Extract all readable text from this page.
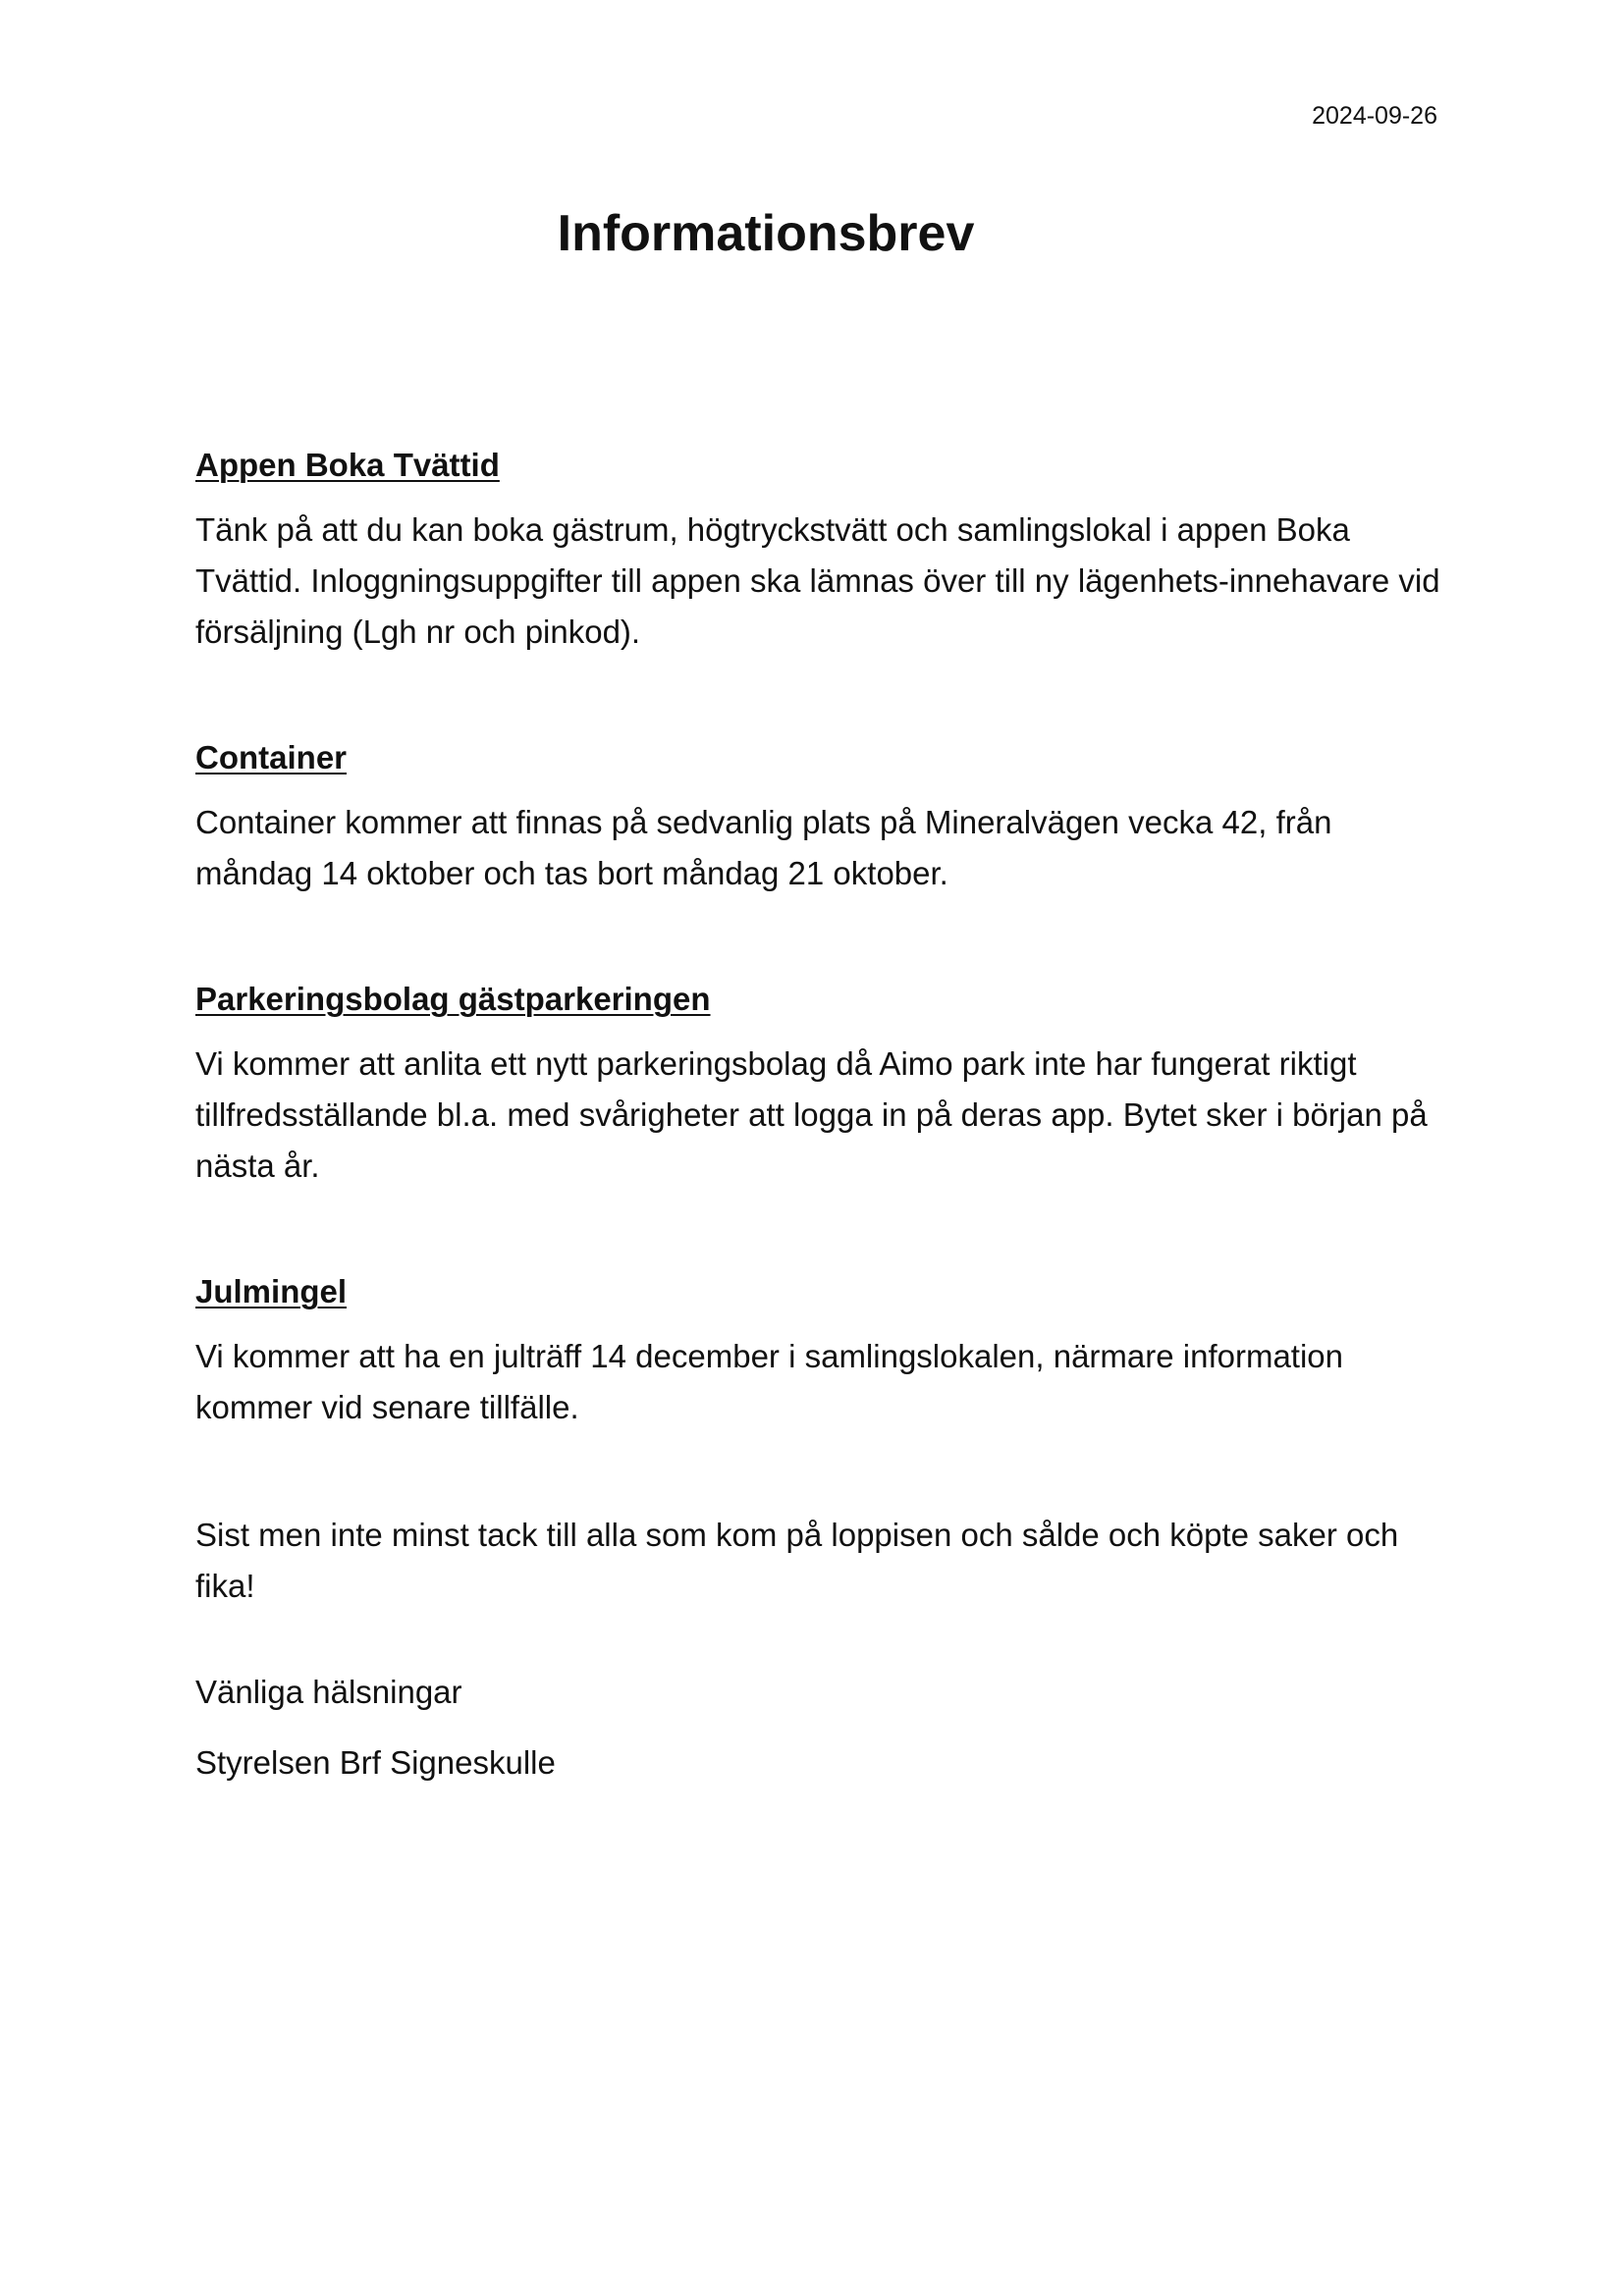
2024-09-26
Informationsbrev
Appen Boka Tvättid

Tänk på att du kan boka gästrum, högtryckstvätt och samlingslokal i appen Boka Tvättid. Inloggningsuppgifter till appen ska lämnas över till ny lägenhets-innehavare vid försäljning (Lgh nr och pinkod).

Container

Container kommer att finnas på sedvanlig plats på Mineralvägen vecka 42, från måndag 14 oktober och tas bort måndag 21 oktober.

Parkeringsbolag gästparkeringen

Vi kommer att anlita ett nytt parkeringsbolag då Aimo park inte har fungerat riktigt tillfredsställande bl.a. med svårigheter att logga in på deras app. Bytet sker i början på nästa år.

Julmingel

Vi kommer att ha en julträff 14 december i samlingslokalen, närmare information kommer vid senare tillfälle.

Sist men inte minst tack till alla som kom på loppisen och sålde och köpte saker och fika!

Vänliga hälsningar

Styrelsen Brf Signeskulle
